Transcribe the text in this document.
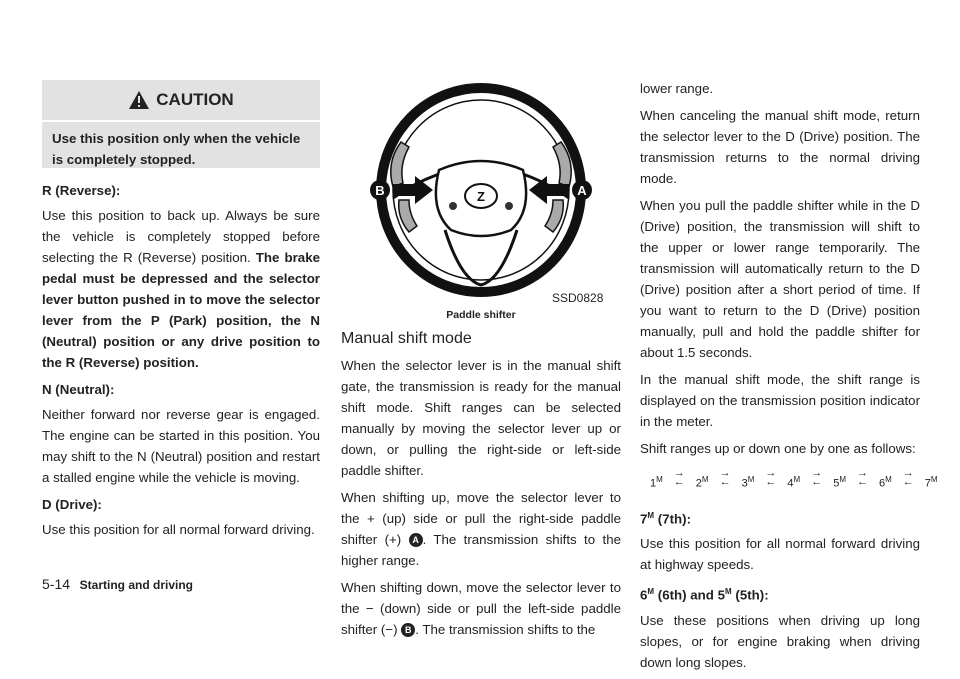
CAUTION
Use this position only when the vehicle is completely stopped.
R (Reverse):

Use this position to back up. Always be sure the vehicle is completely stopped before selecting the R (Reverse) position. The brake pedal must be depressed and the selector lever button pushed in to move the selector lever from the P (Park) position, the N (Neutral) position or any drive position to the R (Reverse) position.

N (Neutral):

Neither forward nor reverse gear is engaged. The engine can be started in this position. You may shift to the N (Neutral) position and restart a stalled engine while the vehicle is moving.

D (Drive):

Use this position for all normal forward driving.

Z
B	A
SSD0828
Paddle shifter
Manual shift mode

When the selector lever is in the manual shift gate, the transmission is ready for the manual shift mode. Shift ranges can be selected manually by moving the selector lever up or down, or pulling the right-side or left-side paddle shifter.

When shifting up, move the selector lever to the + (up) side or pull the right-side paddle shifter (+) A . The transmission shifts to the higher range.

When shifting down, move the selector lever to the − (down) side or pull the left-side paddle shifter (−) B . The transmission shifts to the

lower range.

When canceling the manual shift mode, return the selector lever to the D (Drive) position. The transmission returns to the normal driving mode.

When you pull the paddle shifter while in the D (Drive) position, the transmission will shift to the upper or lower range temporarily. The transmission will automatically return to the D (Drive) position after a short period of time. If you want to return to the D (Drive) position manually, pull and hold the paddle shifter for about 1.5 seconds.

In the manual shift mode, the shift range is displayed on the transmission position indicator in the meter.

Shift ranges up or down one by one as follows:

$1^M$
→
← $2^M$
→
← $3^M$
→
← $4^M$
→
← $5^M$
→
← $6^M$
→
← $7^M$
$7^M$ (7th):

Use this position for all normal forward driving at highway speeds.

$6^M$ (6th) and $5^M$ (5th):

Use these positions when driving up long slopes, or for engine braking when driving down long slopes.

5-14 Starting and driving
